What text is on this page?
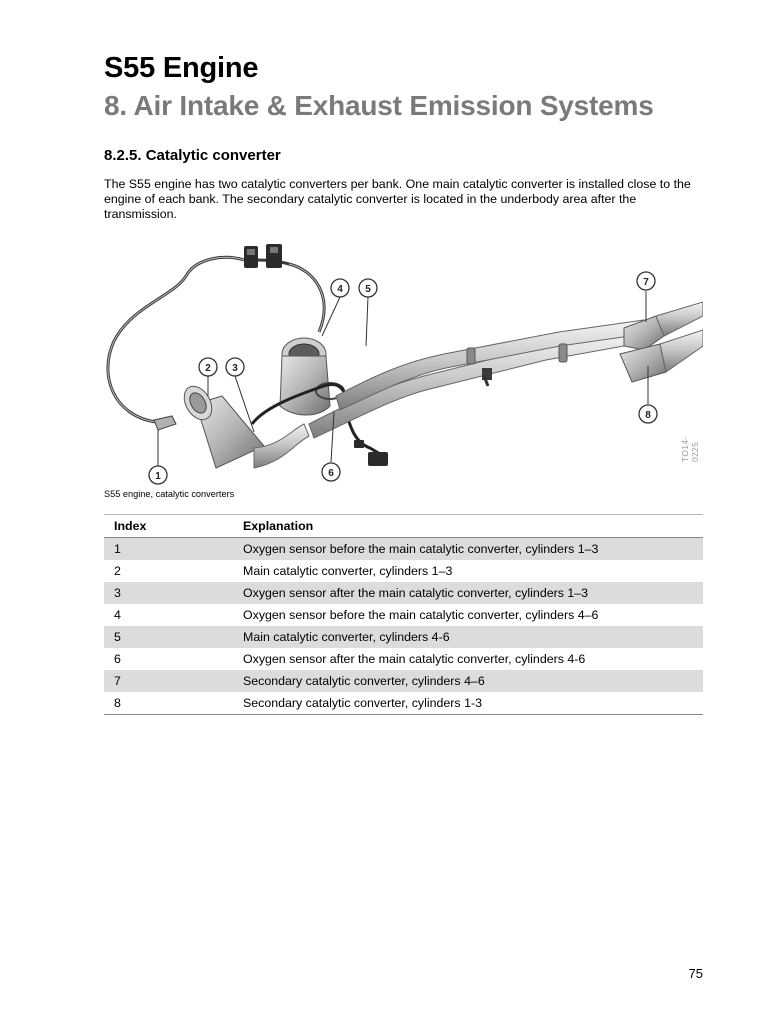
S55 Engine
8. Air Intake & Exhaust Emission Systems
8.2.5. Catalytic converter

The S55 engine has two catalytic converters per bank. One main catalytic converter is installed close to the engine of each bank. The secondary catalytic converter is located in the underbody area after the transmission.

1
2 3
4 5
6
7
8
TO14-0225

S55 engine, catalytic converters

Index	Explanation
1	Oxygen sensor before the main catalytic converter, cylinders 1–3
2	Main catalytic converter, cylinders 1–3
3	Oxygen sensor after the main catalytic converter, cylinders 1–3
4	Oxygen sensor before the main catalytic converter, cylinders 4–6
5	Main catalytic converter, cylinders 4-6
6	Oxygen sensor after the main catalytic converter, cylinders 4-6
7	Secondary catalytic converter, cylinders 4–6
8	Secondary catalytic converter, cylinders 1-3
75
